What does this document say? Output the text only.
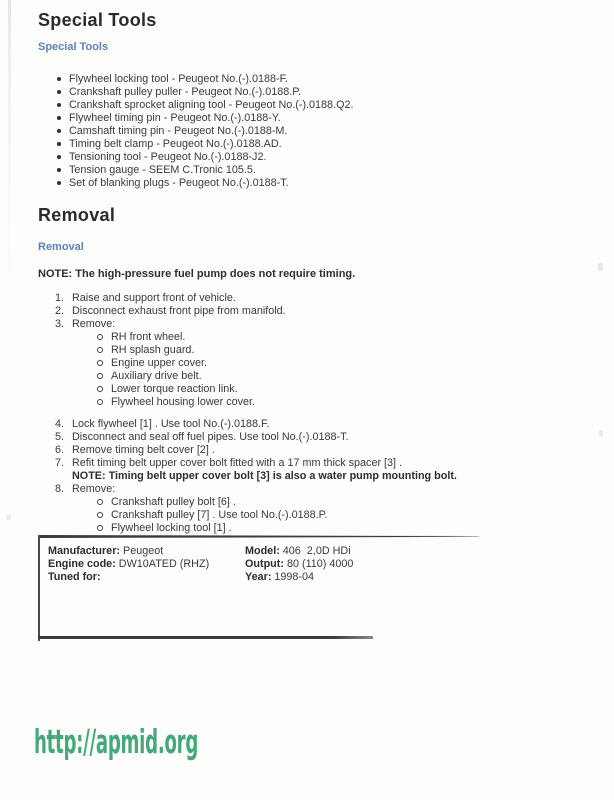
Special Tools
Special Tools
Flywheel locking tool - Peugeot No.(-).0188-F.
Crankshaft pulley puller - Peugeot No.(-).0188.P.
Crankshaft sprocket aligning tool - Peugeot No.(-).0188.Q2.
Flywheel timing pin - Peugeot No.(-).0188-Y.
Camshaft timing pin - Peugeot No.(-).0188-M.
Timing belt clamp - Peugeot No.(-).0188.AD.
Tensioning tool - Peugeot No.(-).0188-J2.
Tension gauge - SEEM C.Tronic 105.5.
Set of blanking plugs - Peugeot No.(-).0188-T.
Removal
Removal
NOTE: The high-pressure fuel pump does not require timing.
1. Raise and support front of vehicle.
2. Disconnect exhaust front pipe from manifold.
3. Remove:
RH front wheel.
RH splash guard.
Engine upper cover.
Auxiliary drive belt.
Lower torque reaction link.
Flywheel housing lower cover.
4. Lock flywheel [1] . Use tool No.(-).0188.F.
5. Disconnect and seal off fuel pipes. Use tool No.(-).0188-T.
6. Remove timing belt cover [2] .
7. Refit timing belt upper cover bolt fitted with a 17 mm thick spacer [3] .
NOTE: Timing belt upper cover bolt [3] is also a water pump mounting bolt.
8. Remove:
Crankshaft pulley bolt [6] .
Crankshaft pulley [7] . Use tool No.(-).0188.P.
Flywheel locking tool [1] .
Manufacturer: Peugeot
Engine code: DW10ATED (RHZ)
Tuned for:
Model: 406  2,0D HDi
Output: 80 (110) 4000
Year: 1998-04
http://apmid.org
